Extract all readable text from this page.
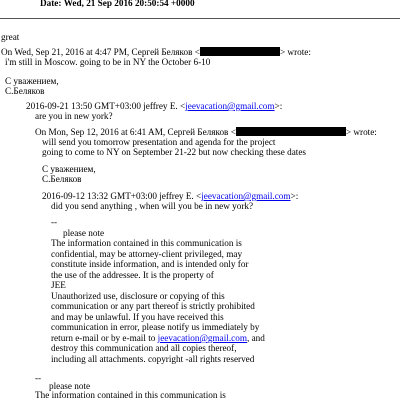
Date: Wed, 21 Sep 2016 20:50:54 +0000
great
On Wed, Sep 21, 2016 at 4:47 PM, Сергей Беляков <	> wrote:
i'm still in Moscow. going to be in NY the October 6-10
С уважением,
С.Беляков
2016-09-21 13:50 GMT+03:00 jeffrey E. <jeevacation@gmail.com>:
are you in new york?
On Mon, Sep 12, 2016 at 6:41 AM, Сергей Беляков <	> wrote:
will send you tomorrow presentation and agenda for the project
going to come to NY on September 21-22 but now checking these dates
С уважением,
С.Беляков
2016-09-12 13:32 GMT+03:00 jeffrey E. <jeevacation@gmail.com>:
did you send anything , when will you be in new york?
--
please note
The information contained in this communication is
confidential, may be attorney-client privileged, may
constitute inside information, and is intended only for
the use of the addressee. It is the property of
JEE
Unauthorized use, disclosure or copying of this
communication or any part thereof is strictly prohibited
and may be unlawful. If you have received this
communication in error, please notify us immediately by
return e-mail or by e-mail to jeevacation@gmail.com, and
destroy this communication and all copies thereof,
including all attachments. copyright -all rights reserved
--
please note
The information contained in this communication is
